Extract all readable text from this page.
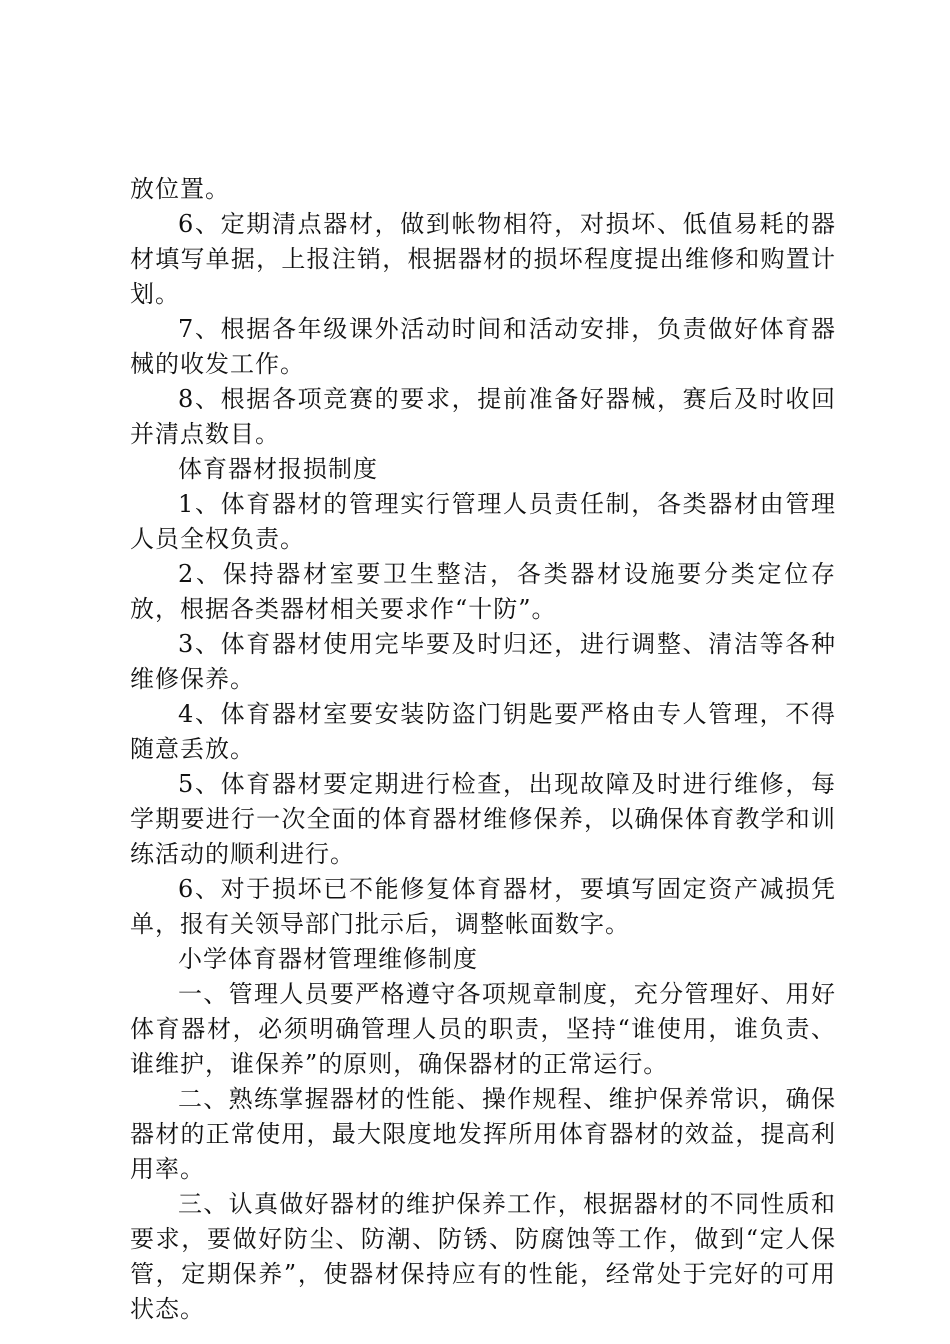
放位置。

6、定期清点器材，做到帐物相符，对损坏、低值易耗的器材填写单据，上报注销，根据器材的损坏程度提出维修和购置计划。

7、根据各年级课外活动时间和活动安排，负责做好体育器械的收发工作。

8、根据各项竞赛的要求，提前准备好器械，赛后及时收回并清点数目。

体育器材报损制度

1、体育器材的管理实行管理人员责任制，各类器材由管理人员全权负责。

2、保持器材室要卫生整洁，各类器材设施要分类定位存放，根据各类器材相关要求作“十防”。

3、体育器材使用完毕要及时归还，进行调整、清洁等各种维修保养。

4、体育器材室要安装防盗门钥匙要严格由专人管理，不得随意丢放。

5、体育器材要定期进行检查，出现故障及时进行维修，每学期要进行一次全面的体育器材维修保养，以确保体育教学和训练活动的顺利进行。

6、对于损坏已不能修复体育器材，要填写固定资产减损凭单，报有关领导部门批示后，调整帐面数字。

小学体育器材管理维修制度

一、管理人员要严格遵守各项规章制度，充分管理好、用好体育器材，必须明确管理人员的职责，坚持“谁使用，谁负责、谁维护，谁保养”的原则，确保器材的正常运行。

二、熟练掌握器材的性能、操作规程、维护保养常识，确保器材的正常使用，最大限度地发挥所用体育器材的效益，提高利用率。

三、认真做好器材的维护保养工作，根据器材的不同性质和要求，要做好防尘、防潮、防锈、防腐蚀等工作，做到“定人保管，定期保养”，使器材保持应有的性能，经常处于完好的可用状态。
